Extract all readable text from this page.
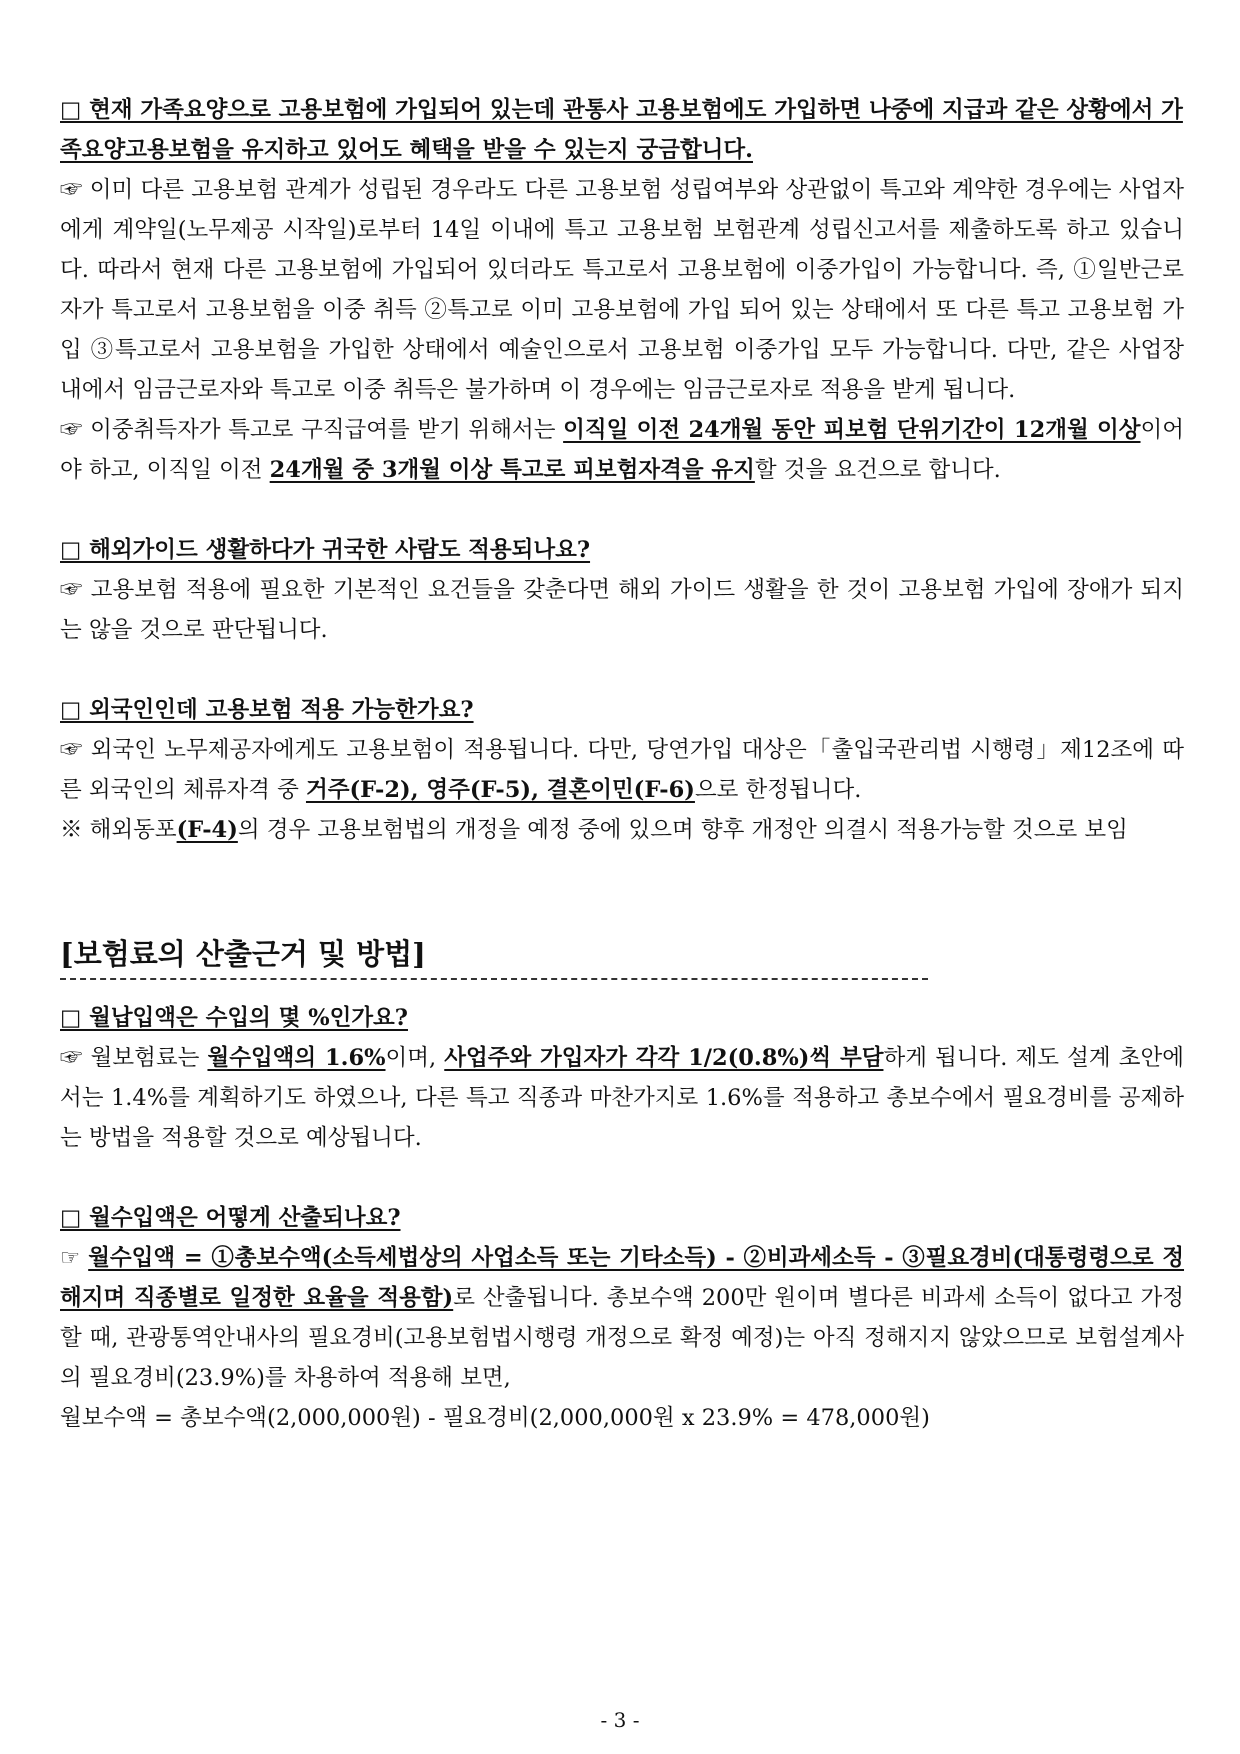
□ 현재 가족요양으로 고용보험에 가입되어 있는데 관통사 고용보험에도 가입하면 나중에 지급과 같은 상황에서 가족요양고용보험을 유지하고 있어도 혜택을 받을 수 있는지 궁금합니다.

☞ 이미 다른 고용보험 관계가 성립된 경우라도 다른 고용보험 성립여부와 상관없이 특고와 계약한 경우에는 사업자에게 계약일(노무제공 시작일)로부터 14일 이내에 특고 고용보험 보험관계 성립신고서를 제출하도록 하고 있습니다. 따라서 현재 다른 고용보험에 가입되어 있더라도 특고로서 고용보험에 이중가입이 가능합니다. 즉, ①일반근로자가 특고로서 고용보험을 이중 취득 ②특고로 이미 고용보험에 가입 되어 있는 상태에서 또 다른 특고 고용보험 가입 ③특고로서 고용보험을 가입한 상태에서 예술인으로서 고용보험 이중가입 모두 가능합니다. 다만, 같은 사업장 내에서 임금근로자와 특고로 이중 취득은 불가하며 이 경우에는 임금근로자로 적용을 받게 됩니다.

☞ 이중취득자가 특고로 구직급여를 받기 위해서는 이직일 이전 24개월 동안 피보험 단위기간이 12개월 이상이어야 하고, 이직일 이전 24개월 중 3개월 이상 특고로 피보험자격을 유지할 것을 요건으로 합니다.

□ 해외가이드 생활하다가 귀국한 사람도 적용되나요?

☞ 고용보험 적용에 필요한 기본적인 요건들을 갖춘다면 해외 가이드 생활을 한 것이 고용보험 가입에 장애가 되지는 않을 것으로 판단됩니다.

□ 외국인인데 고용보험 적용 가능한가요?

☞ 외국인 노무제공자에게도 고용보험이 적용됩니다. 다만, 당연가입 대상은「출입국관리법 시행령」제12조에 따른 외국인의 체류자격 중 거주(F-2), 영주(F-5), 결혼이민(F-6)으로 한정됩니다.

※ 해외동포(F-4)의 경우 고용보험법의 개정을 예정 중에 있으며 향후 개정안 의결시 적용가능할 것으로 보임

[보험료의 산출근거 및 방법]

□ 월납입액은 수입의 몇 %인가요?

☞ 월보험료는 월수입액의 1.6%이며, 사업주와 가입자가 각각 1/2(0.8%)씩 부담하게 됩니다. 제도 설계 초안에서는 1.4%를 계획하기도 하였으나, 다른 특고 직종과 마찬가지로 1.6%를 적용하고 총보수에서 필요경비를 공제하는 방법을 적용할 것으로 예상됩니다.

□ 월수입액은 어떻게 산출되나요?

☞ 월수입액 = ①총보수액(소득세법상의 사업소득 또는 기타소득) - ②비과세소득 - ③필요경비(대통령령으로 정해지며 직종별로 일정한 요율을 적용함)로 산출됩니다. 총보수액 200만 원이며 별다른 비과세 소득이 없다고 가정할 때, 관광통역안내사의 필요경비(고용보험법시행령 개정으로 확정 예정)는 아직 정해지지 않았으므로 보험설계사의 필요경비(23.9%)를 차용하여 적용해 보면,

월보수액 = 총보수액(2,000,000원) - 필요경비(2,000,000원 x 23.9% = 478,000원)

- 3 -
